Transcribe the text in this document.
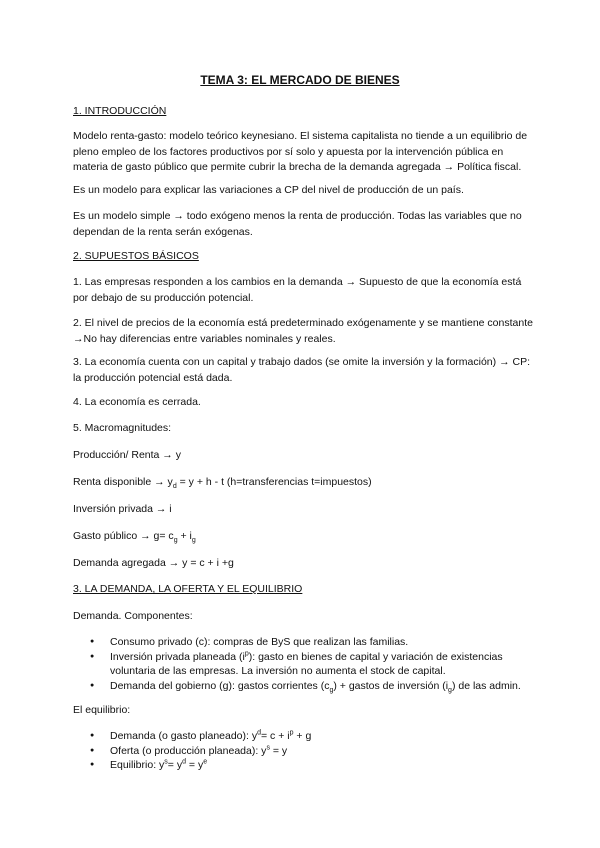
TEMA 3: EL MERCADO DE BIENES
1. INTRODUCCIÓN
Modelo renta-gasto: modelo teórico keynesiano. El sistema capitalista no tiende a un equilibrio de pleno empleo de los factores productivos por sí solo y apuesta por la intervención pública en materia de gasto público que permite cubrir la brecha de la demanda agregada → Política fiscal.
Es un modelo para explicar las variaciones a CP del nivel de producción de un país.
Es un modelo simple → todo exógeno menos la renta de producción. Todas las variables que no dependan de la renta serán exógenas.
2. SUPUESTOS BÁSICOS
1. Las empresas responden a los cambios en la demanda → Supuesto de que la economía está por debajo de su producción potencial.
2. El nivel de precios de la economía está predeterminado exógenamente y se mantiene constante →No hay diferencias entre variables nominales y reales.
3. La economía cuenta con un capital y trabajo dados (se omite la inversión y la formación) → CP: la producción potencial está dada.
4. La economía es cerrada.
5. Macromagnitudes:
Producción/ Renta → y
Renta disponible → $y_d = y + h - t$ (h=transferencias t=impuestos)
Inversión privada → i
Gasto público → $g= c_g + i_g$
Demanda agregada → y = c + i +g
3. LA DEMANDA, LA OFERTA Y EL EQUILIBRIO
Demanda. Componentes:
● Consumo privado (c): compras de ByS que realizan las familias.
● Inversión privada planeada $(i^p)$: gasto en bienes de capital y variación de existencias voluntaria de las empresas. La inversión no aumenta el stock de capital.
● Demanda del gobierno (g): gastos corrientes $(c_g)$ + gastos de inversión $(i_g)$ de las admin.
El equilibrio:
● Demanda (o gasto planeado): $y^d= c + i^p + g$
● Oferta (o producción planeada): $y^s = y$
● Equilibrio: $y^s= y^d = y^e$
